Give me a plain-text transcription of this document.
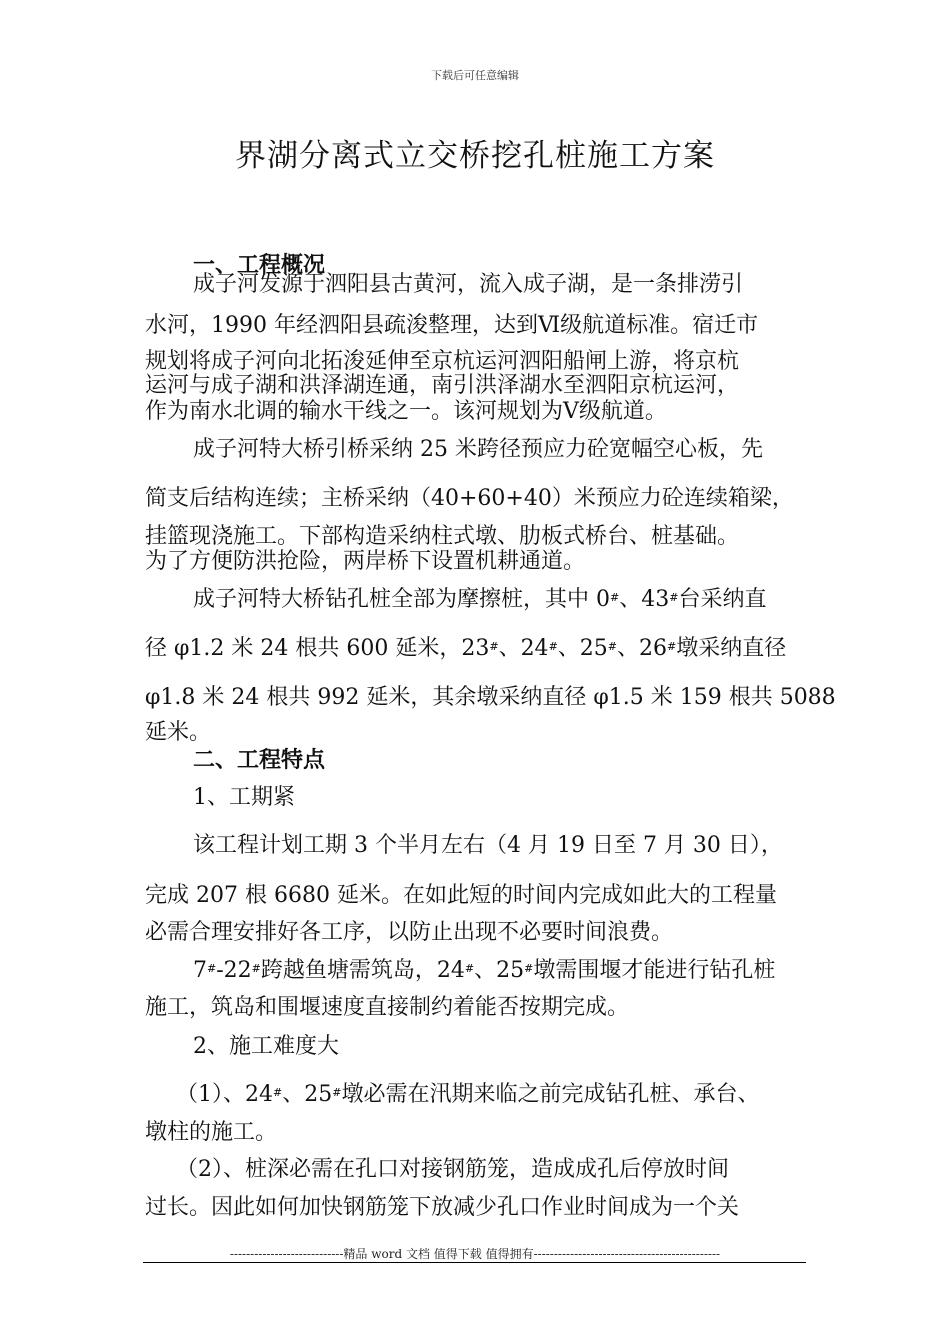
下载后可任意编辑
界湖分离式立交桥挖孔桩施工方案
一、工程概况
成子河发源于泗阳县古黄河，流入成子湖，是一条排涝引
水河，1990 年经泗阳县疏浚整理，达到Ⅵ级航道标准。宿迁市
规划将成子河向北拓浚延伸至京杭运河泗阳船闸上游，将京杭
运河与成子湖和洪泽湖连通，南引洪泽湖水至泗阳京杭运河，
作为南水北调的输水干线之一。该河规划为Ⅴ级航道。
成子河特大桥引桥采纳 25 米跨径预应力砼宽幅空心板，先
简支后结构连续；主桥采纳（40+60+40）米预应力砼连续箱梁，
挂篮现浇施工。下部构造采纳柱式墩、肋板式桥台、桩基础。
为了方便防洪抢险，两岸桥下设置机耕通道。
成子河特大桥钻孔桩全部为摩擦桩，其中 0#、43#台采纳直
径 φ1.2 米 24 根共 600 延米，23#、24#、25#、26#墩采纳直径
φ1.8 米 24 根共 992 延米，其余墩采纳直径 φ1.5 米 159 根共 5088
延米。
二、工程特点
1、工期紧
该工程计划工期 3 个半月左右（4 月 19 日至 7 月 30 日），
完成 207 根 6680 延米。在如此短的时间内完成如此大的工程量
必需合理安排好各工序，以防止出现不必要时间浪费。
7#-22#跨越鱼塘需筑岛，24#、25#墩需围堰才能进行钻孔桩
施工，筑岛和围堰速度直接制约着能否按期完成。
2、施工难度大
（1）、24#、25#墩必需在汛期来临之前完成钻孔桩、承台、
墩柱的施工。
（2）、桩深必需在孔口对接钢筋笼，造成成孔后停放时间
过长。因此如何加快钢筋笼下放减少孔口作业时间成为一个关
----------------------------精品 word 文档 值得下载 值得拥有----------------------------------------------
